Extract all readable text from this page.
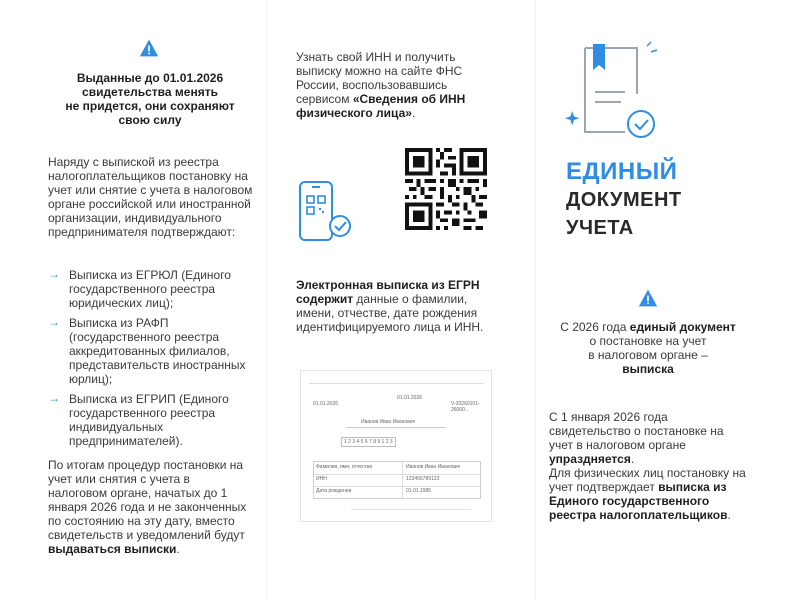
Выданные до 01.01.2026
свидетельства менять
не придется, они сохраняют
свою силу
Наряду с выпиской из реестра налогоплательщиков постановку на учет или снятие с учета в налоговом органе российской или иностранной организации, индивидуального предпринимателя подтверждают:
→ Выписка из ЕГРЮЛ (Единого государственного реестра юридических лиц);
→ Выписка из РАФП (государственного реестра аккредитованных филиалов, представительств иностранных юрлиц);
→ Выписка из ЕГРИП (Единого государственного реестра индивидуальных предпринимателей).
По итогам процедур постановки на учет или снятия с учета в налоговом органе, начатых до 1 января 2026 года и не законченных по состоянию на эту дату, вместо свидетельств и уведомлений будут выдаваться выписки.
Узнать свой ИНН и получить выписку можно на сайте ФНС России, воспользовавшись сервисом «Сведения об ИНН физического лица».
Электронная выписка из ЕГРН содержит данные о фамилии, имени, отчестве, дате рождения идентифицируемого лица и ИНН.
01.01.2026
01.01.2026
V-20260101-26000...
Иванов Иван Иванович
1 2 3 4 5 6 7 8 9 1 2 3
Фамилия, имя, отчество	Иванов Иван Иванович
ИНН	123456789123
Дата рождения	01.01.1985
ЕДИНЫЙ
ДОКУМЕНТ
УЧЕТА
С 2026 года единый документ
о постановке на учет
в налоговом органе –
выписка
С 1 января 2026 года свидетельство о постановке на учет в налоговом органе упраздняется.
Для физических лиц постановку на учет подтверждает выписка из Единого государственного реестра налогоплательщиков.
